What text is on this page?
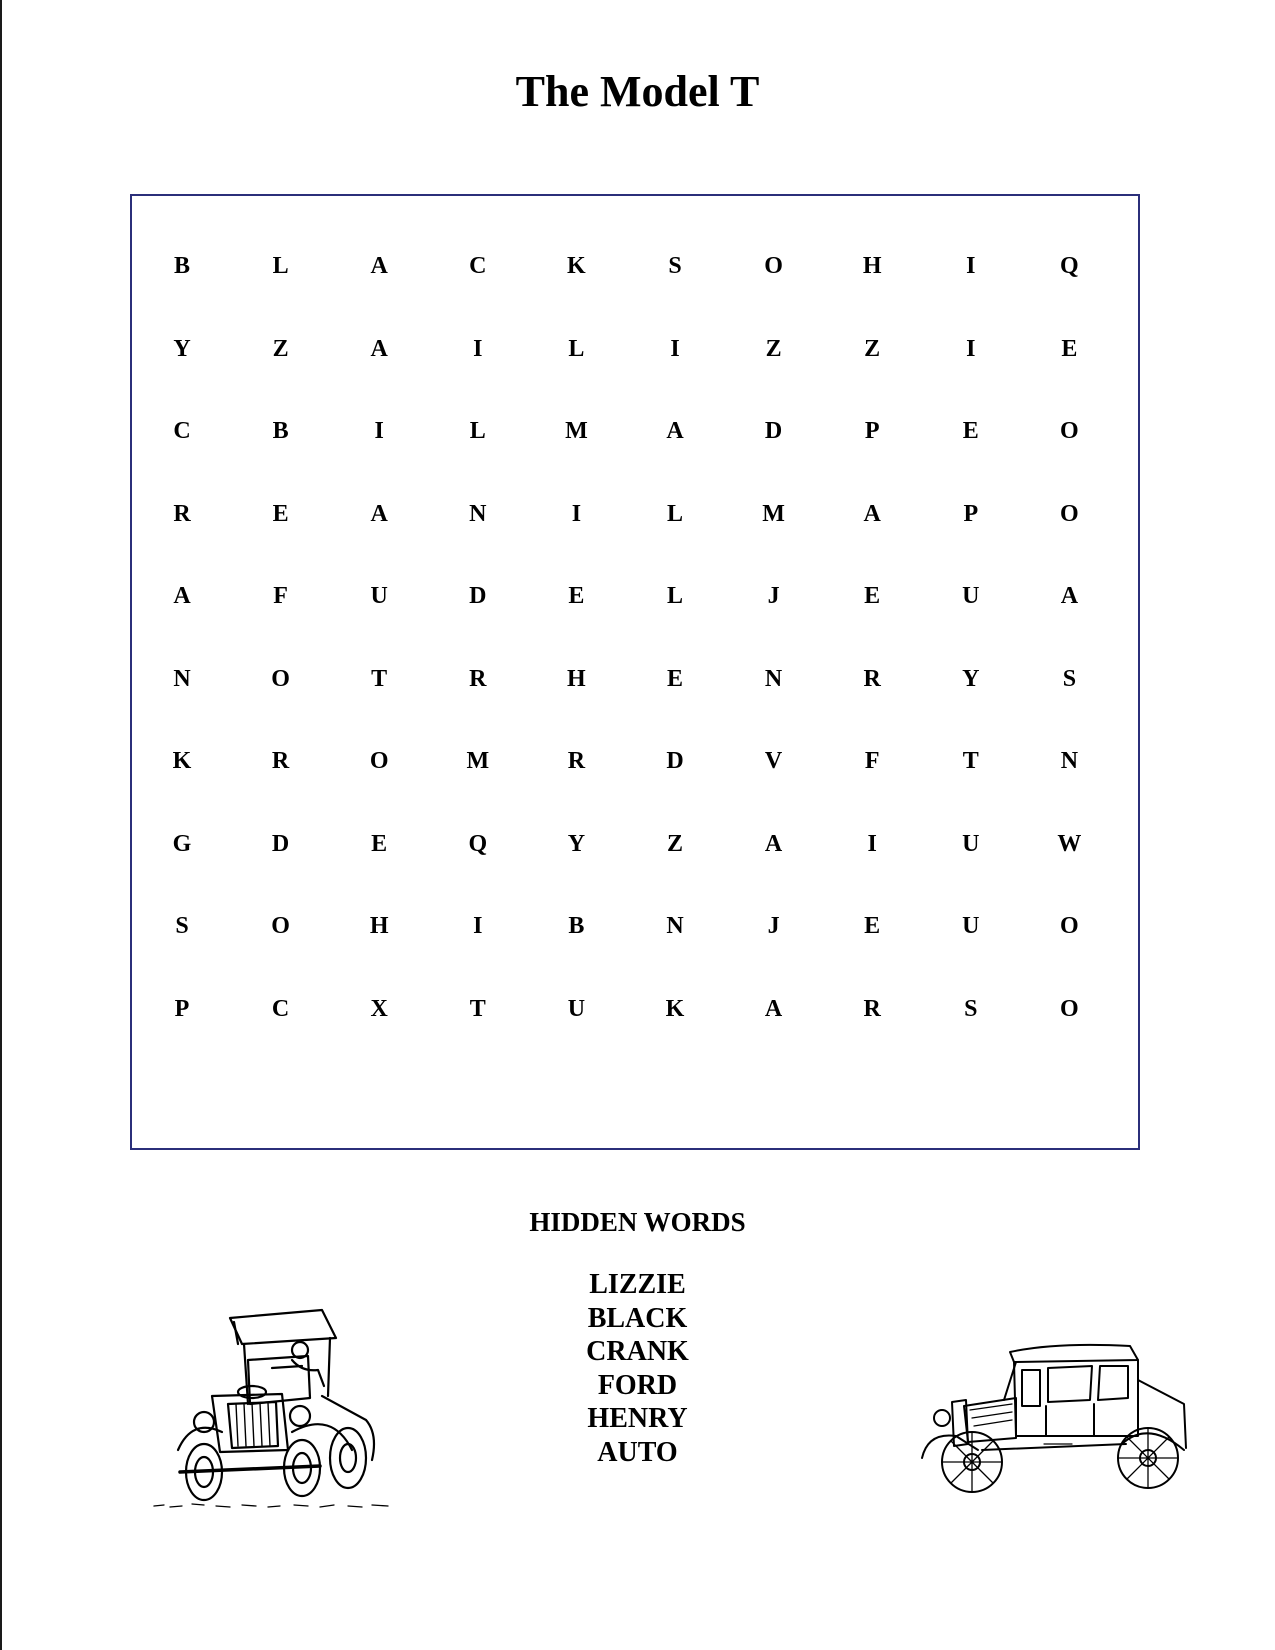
The Model T
B	L	A	C	K	S	O	H	I	Q
Y	Z	A	I	L	I	Z	Z	I	E
C	B	I	L	M	A	D	P	E	O
R	E	A	N	I	L	M	A	P	O
A	F	U	D	E	L	J	E	U	A
N	O	T	R	H	E	N	R	Y	S
K	R	O	M	R	D	V	F	T	N
G	D	E	Q	Y	Z	A	I	U	W
S	O	H	I	B	N	J	E	U	O
P	C	X	T	U	K	A	R	S	O
HIDDEN WORDS
LIZZIE
BLACK
CRANK
FORD
HENRY
AUTO
